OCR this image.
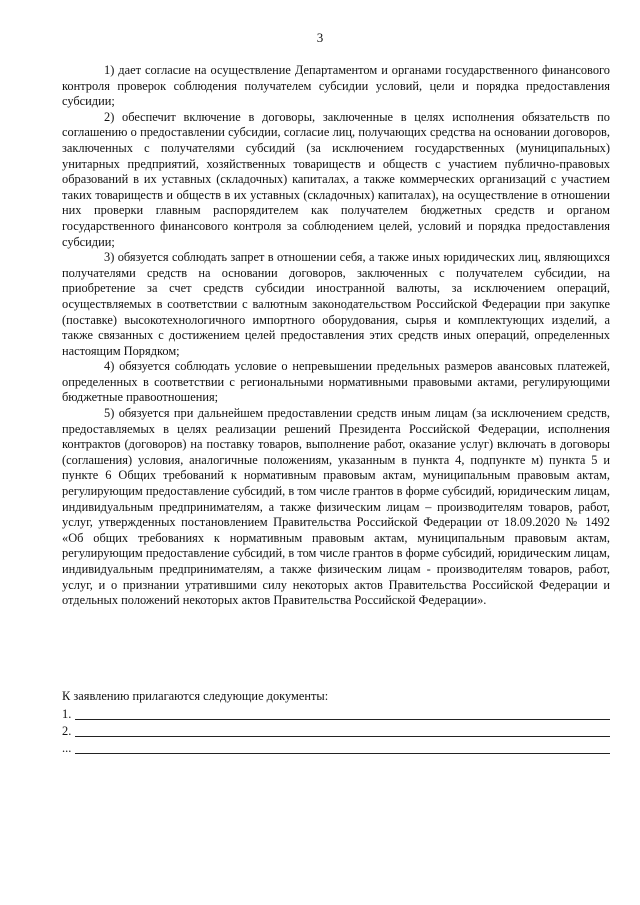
3

1) дает согласие на осуществление Департаментом и органами государственного финансового контроля проверок соблюдения получателем субсидии условий, цели и порядка предоставления субсидии;

2) обеспечит включение в договоры, заключенные в целях исполнения обязательств по соглашению о предоставлении субсидии, согласие лиц, получающих средства на основании договоров, заключенных с получателями субсидий (за исключением государственных (муниципальных) унитарных предприятий, хозяйственных товариществ и обществ с участием публично-правовых образований в их уставных (складочных) капиталах, а также коммерческих организаций с участием таких товариществ и обществ в их уставных (складочных) капиталах), на осуществление в отношении них проверки главным распорядителем как получателем бюджетных средств и органом государственного финансового контроля за соблюдением целей, условий и порядка предоставления субсидии;

3) обязуется соблюдать запрет в отношении себя, а также иных юридических лиц, являющихся получателями средств на основании договоров, заключенных с получателем субсидии, на приобретение за счет средств субсидии иностранной валюты, за исключением операций, осуществляемых в соответствии с валютным законодательством Российской Федерации при закупке (поставке) высокотехнологичного импортного оборудования, сырья и комплектующих изделий, а также связанных с достижением целей предоставления этих средств иных операций, определенных настоящим Порядком;

4) обязуется соблюдать условие о непревышении предельных размеров авансовых платежей, определенных в соответствии с региональными нормативными правовыми актами, регулирующими бюджетные правоотношения;

5) обязуется при дальнейшем предоставлении средств иным лицам (за исключением средств, предоставляемых в целях реализации решений Президента Российской Федерации, исполнения контрактов (договоров) на поставку товаров, выполнение работ, оказание услуг) включать в договоры (соглашения) условия, аналогичные положениям, указанным в пункта 4, подпункте м) пункта 5 и пункте 6 Общих требований к нормативным правовым актам, муниципальным правовым актам, регулирующим предоставление субсидий, в том числе грантов в форме субсидий, юридическим лицам, индивидуальным предпринимателям, а также физическим лицам – производителям товаров, работ, услуг, утвержденных постановлением Правительства Российской Федерации от 18.09.2020 № 1492 «Об общих требованиях к нормативным правовым актам, муниципальным правовым актам, регулирующим предоставление субсидий, в том числе грантов в форме субсидий, юридическим лицам, индивидуальным предпринимателям, а также физическим лицам - производителям товаров, работ, услуг, и о признании утратившими силу некоторых актов Правительства Российской Федерации и отдельных положений некоторых актов Правительства Российской Федерации».

К заявлению прилагаются следующие документы:

1.
2.
...
